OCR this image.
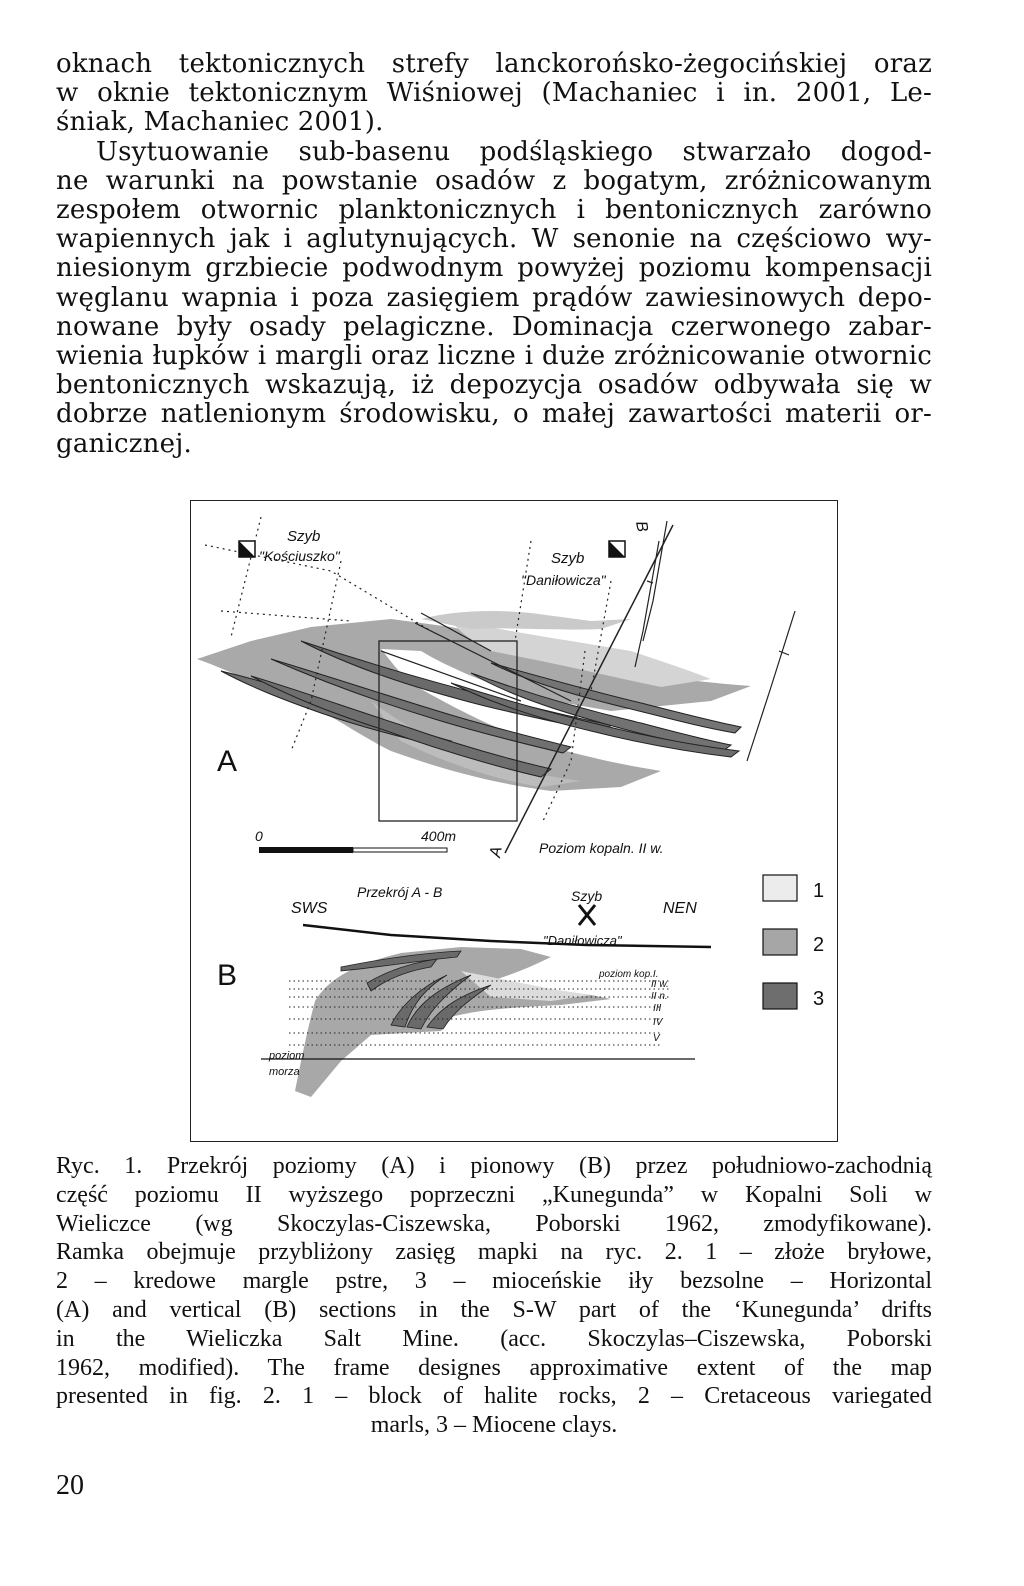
oknach tektonicznych strefy lanckorońsko-żegocińskiej oraz
w oknie tektonicznym Wiśniowej (Machaniec i in. 2001, Le-
śniak, Machaniec 2001).
Usytuowanie sub-basenu podśląskiego stwarzało dogod-
ne warunki na powstanie osadów z bogatym, zróżnicowanym
zespołem otwornic planktonicznych i bentonicznych zarówno
wapiennych jak i aglutynujących. W senonie na częściowo wy-
niesionym grzbiecie podwodnym powyżej poziomu kompensacji
węglanu wapnia i poza zasięgiem prądów zawiesinowych depo-
nowane były osady pelagiczne. Dominacja czerwonego zabar-
wienia łupków i margli oraz liczne i duże zróżnicowanie otwornic
bentonicznych wskazują, iż depozycja osadów odbywała się w
dobrze natlenionym środowisku, o małej zawartości materii or-
ganicznej.
Szyb
"Kościuszko"	Szyb
"Daniłowicza"
B
A
A
0	400m
Poziom kopaln. II w.
Przekrój A - B
SWS	NEN
Szyb
"Daniłowicza"
poziom kop.I.
II w.
II n.
III
IV
V
poziom
morza
B
1
2
3
Ryc. 1. Przekrój poziomy (A) i pionowy (B) przez południowo-zachodnią
część poziomu II wyższego poprzeczni „Kunegunda” w Kopalni Soli w
Wieliczce (wg Skoczylas-Ciszewska, Poborski 1962, zmodyfikowane).
Ramka obejmuje przybliżony zasięg mapki na ryc. 2. 1 – złoże bryłowe,
2 – kredowe margle pstre, 3 – mioceńskie iły bezsolne – Horizontal
(A) and vertical (B) sections in the S-W part of the ‘Kunegunda’ drifts
in the Wieliczka Salt Mine. (acc. Skoczylas–Ciszewska, Poborski
1962, modified). The frame designes approximative extent of the map
presented in fig. 2. 1 – block of halite rocks, 2 – Cretaceous variegated
marls, 3 – Miocene clays.
20
